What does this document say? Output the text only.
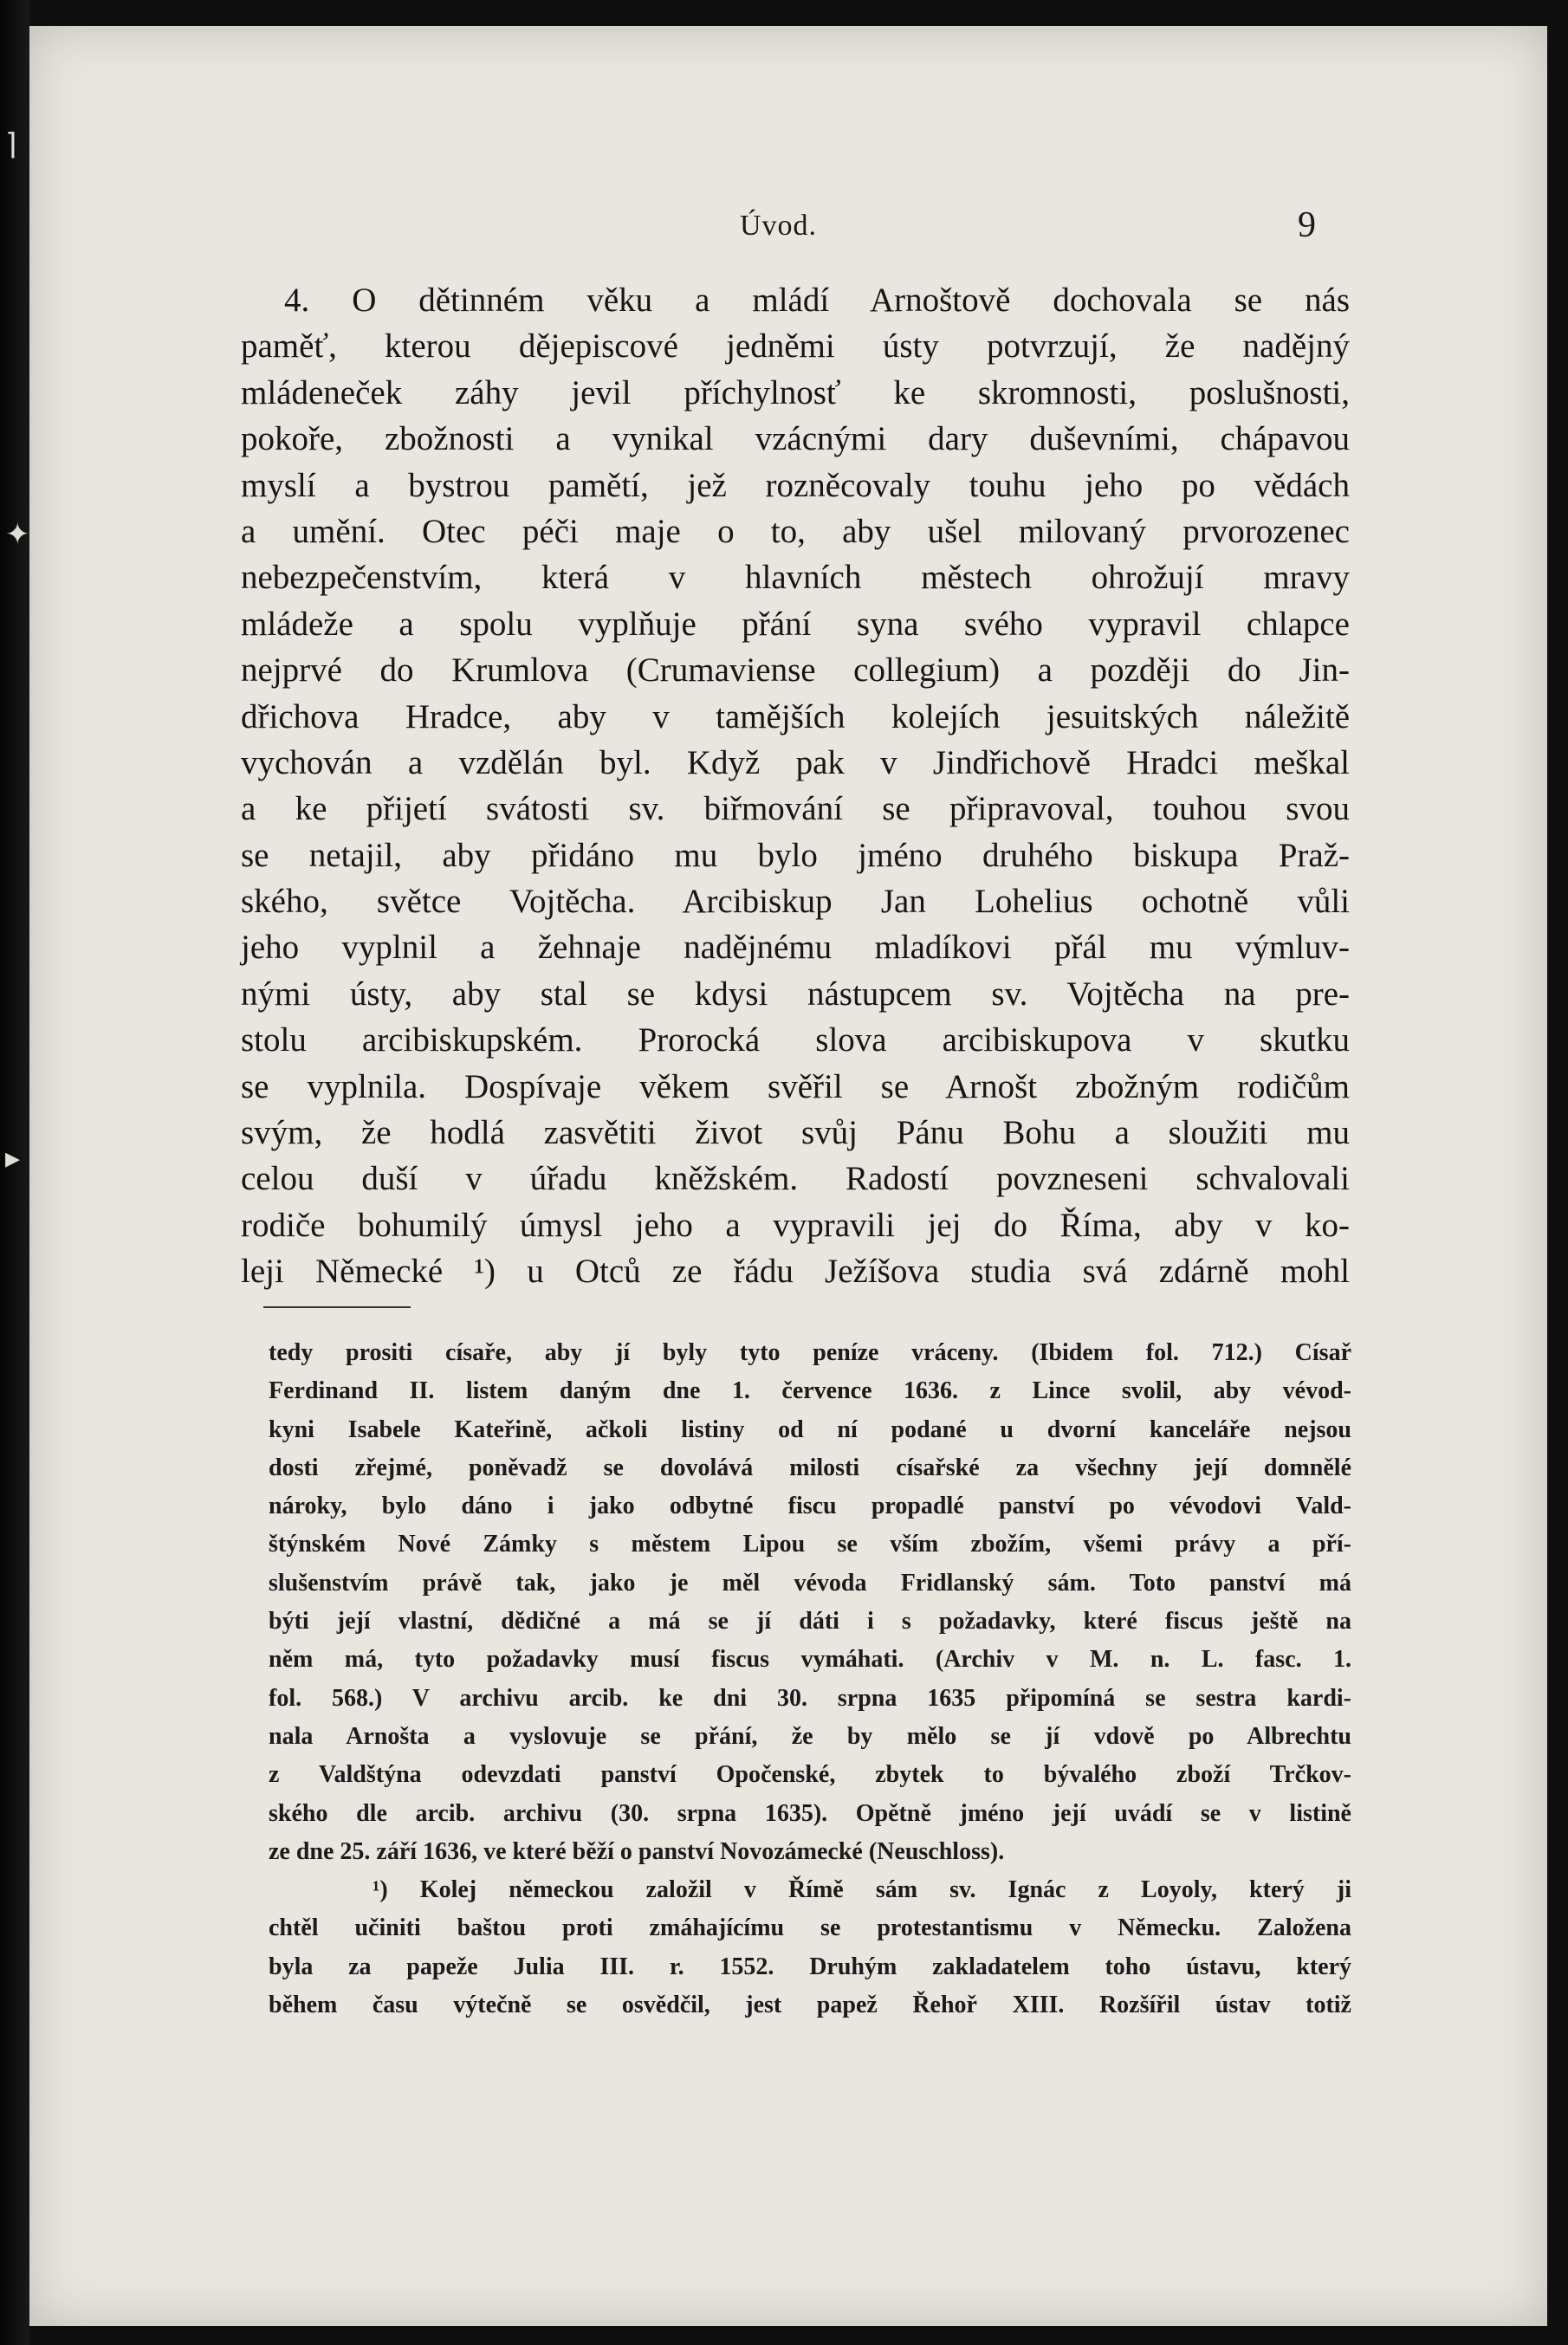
⌉
✦
▸
Úvod.	9
4. O dětinném věku a mládí Arnoštově dochovala se nás
paměť, kterou dějepiscové jedněmi ústy potvrzují, že nadějný
mládeneček záhy jevil příchylnosť ke skromnosti, poslušnosti,
pokoře, zbožnosti a vynikal vzácnými dary duševními, chápavou
myslí a bystrou pamětí, jež rozněcovaly touhu jeho po vědách
a umění. Otec péči maje o to, aby ušel milovaný prvorozenec
nebezpečenstvím, která v hlavních městech ohrožují mravy
mládeže a spolu vyplňuje přání syna svého vypravil chlapce
nejprvé do Krumlova (Crumaviense collegium) a později do Jin-
dřichova Hradce, aby v tamějších kolejích jesuitských náležitě
vychován a vzdělán byl. Když pak v Jindřichově Hradci meškal
a ke přijetí svátosti sv. biřmování se připravoval, touhou svou
se netajil, aby přidáno mu bylo jméno druhého biskupa Praž-
ského, světce Vojtěcha. Arcibiskup Jan Lohelius ochotně vůli
jeho vyplnil a žehnaje nadějnému mladíkovi přál mu výmluv-
nými ústy, aby stal se kdysi nástupcem sv. Vojtěcha na pre-
stolu arcibiskupském. Prorocká slova arcibiskupova v skutku
se vyplnila. Dospívaje věkem svěřil se Arnošt zbožným rodičům
svým, že hodlá zasvětiti život svůj Pánu Bohu a sloužiti mu
celou duší v úřadu kněžském. Radostí povzneseni schvalovali
rodiče bohumilý úmysl jeho a vypravili jej do Říma, aby v ko-
leji Německé ¹) u Otců ze řádu Ježíšova studia svá zdárně mohl
tedy prositi císaře, aby jí byly tyto peníze vráceny. (Ibidem fol. 712.) Císař
Ferdinand II. listem daným dne 1. července 1636. z Lince svolil, aby vévod-
kyni Isabele Kateřině, ačkoli listiny od ní podané u dvorní kanceláře nejsou
dosti zřejmé, poněvadž se dovolává milosti císařské za všechny její domnělé
nároky, bylo dáno i jako odbytné fiscu propadlé panství po vévodovi Vald-
štýnském Nové Zámky s městem Lipou se vším zbožím, všemi právy a pří-
slušenstvím právě tak, jako je měl vévoda Fridlanský sám. Toto panství má
býti její vlastní, dědičné a má se jí dáti i s požadavky, které fiscus ještě na
něm má, tyto požadavky musí fiscus vymáhati. (Archiv v M. n. L. fasc. 1.
fol. 568.) V archivu arcib. ke dni 30. srpna 1635 připomíná se sestra kardi-
nala Arnošta a vyslovuje se přání, že by mělo se jí vdově po Albrechtu
z Valdštýna odevzdati panství Opočenské, zbytek to bývalého zboží Trčkov-
ského dle arcib. archivu (30. srpna 1635). Opětně jméno její uvádí se v listině
ze dne 25. září 1636, ve které běží o panství Novozámecké (Neuschloss).
¹) Kolej německou založil v Římě sám sv. Ignác z Loyoly, který ji
chtěl učiniti baštou proti zmáhajícímu se protestantismu v Německu. Založena
byla za papeže Julia III. r. 1552. Druhým zakladatelem toho ústavu, který
během času výtečně se osvědčil, jest papež Řehoř XIII. Rozšířil ústav totiž
